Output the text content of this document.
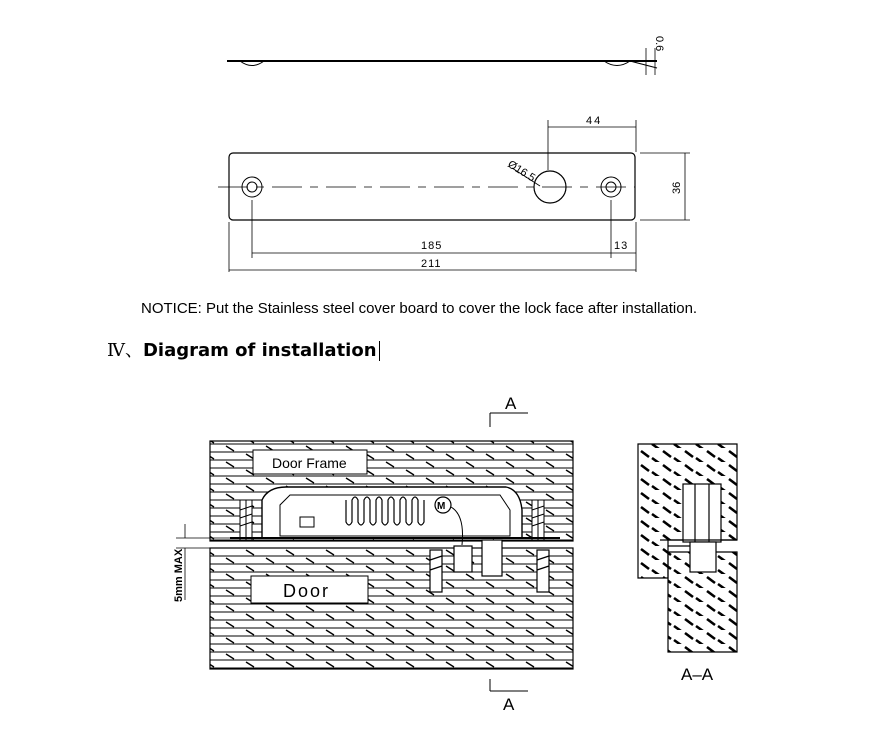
0.6
44
Ø16.5
36
185	13
211
M
Door Frame
Door
5mm MAX
A
A
A–A
NOTICE: Put the Stainless steel cover board to cover the lock face after installation.
Ⅳ、Diagram of installation
